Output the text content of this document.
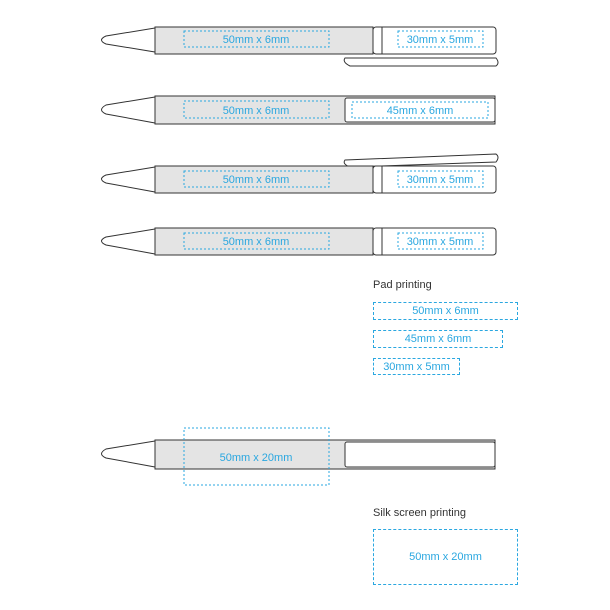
50mm x 6mm	30mm x 5mm
50mm x 6mm	45mm x 6mm
50mm x 6mm	30mm x 5mm
50mm x 6mm	30mm x 5mm
50mm x 20mm
Pad printing
50mm x 6mm
45mm x 6mm
30mm x 5mm
Silk screen printing
50mm x 20mm
